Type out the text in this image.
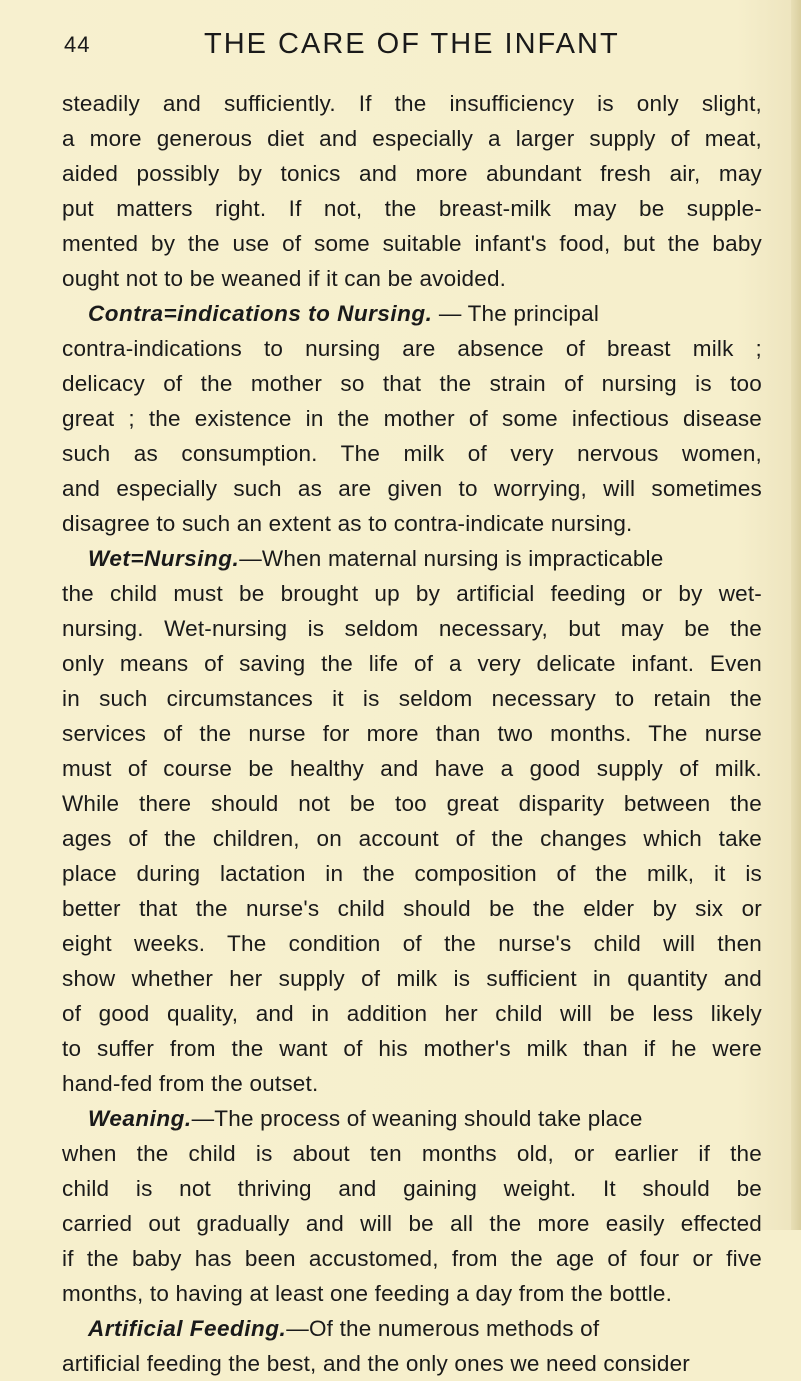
44	THE CARE OF THE INFANT
steadily and sufficiently. If the insufficiency is only slight,
a more generous diet and especially a larger supply of meat,
aided possibly by tonics and more abundant fresh air, may
put matters right. If not, the breast-milk may be supple-
mented by the use of some suitable infant's food, but the baby
ought not to be weaned if it can be avoided.
Contra=indications to Nursing. — The principal
contra-indications to nursing are absence of breast milk ;
delicacy of the mother so that the strain of nursing is too
great ; the existence in the mother of some infectious disease
such as consumption. The milk of very nervous women,
and especially such as are given to worrying, will sometimes
disagree to such an extent as to contra-indicate nursing.
Wet=Nursing.—When maternal nursing is impracticable
the child must be brought up by artificial feeding or by wet-
nursing. Wet-nursing is seldom necessary, but may be the
only means of saving the life of a very delicate infant. Even
in such circumstances it is seldom necessary to retain the
services of the nurse for more than two months. The nurse
must of course be healthy and have a good supply of milk.
While there should not be too great disparity between the
ages of the children, on account of the changes which take
place during lactation in the composition of the milk, it is
better that the nurse's child should be the elder by six or
eight weeks. The condition of the nurse's child will then
show whether her supply of milk is sufficient in quantity and
of good quality, and in addition her child will be less likely
to suffer from the want of his mother's milk than if he were
hand-fed from the outset.
Weaning.—The process of weaning should take place
when the child is about ten months old, or earlier if the
child is not thriving and gaining weight. It should be
carried out gradually and will be all the more easily effected
if the baby has been accustomed, from the age of four or five
months, to having at least one feeding a day from the bottle.
Artificial Feeding.—Of the numerous methods of
artificial feeding the best, and the only ones we need consider
